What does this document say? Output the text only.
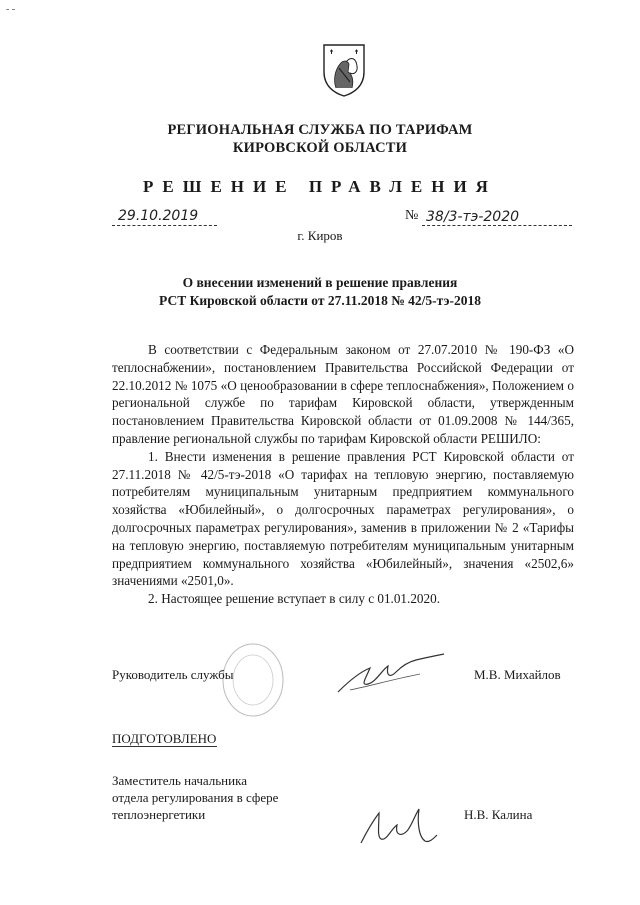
- -
РЕГИОНАЛЬНАЯ СЛУЖБА ПО ТАРИФАМ
КИРОВСКОЙ ОБЛАСТИ
РЕШЕНИЕ ПРАВЛЕНИЯ
29.10.2019	№ 38/3-тэ-2020
г. Киров
О внесении изменений в решение правления
РСТ Кировской области от 27.11.2018 № 42/5-тэ-2018

В соответствии с Федеральным законом от 27.07.2010 № 190-ФЗ «О теплоснабжении», постановлением Правительства Российской Федерации от 22.10.2012 № 1075 «О ценообразовании в сфере теплоснабжения», Положением о региональной службе по тарифам Кировской области, утвержденным постановлением Правительства Кировской области от 01.09.2008 № 144/365, правление региональной службы по тарифам Кировской области РЕШИЛО:

1. Внести изменения в решение правления РСТ Кировской области от 27.11.2018 № 42/5-тэ-2018 «О тарифах на тепловую энергию, поставляемую потребителям муниципальным унитарным предприятием коммунального хозяйства «Юбилейный», о долгосрочных параметрах регулирования», о долгосрочных параметрах регулирования», заменив в приложении № 2 «Тарифы на тепловую энергию, поставляемую потребителям муниципальным унитарным предприятием коммунального хозяйства «Юбилейный», значения «2502,6» значениями «2501,0».

2. Настоящее решение вступает в силу с 01.01.2020.

Руководитель службы	М.В. Михайлов
ПОДГОТОВЛЕНО
Заместитель начальника
отдела регулирования в сфере
теплоэнергетики	Н.В. Калина
